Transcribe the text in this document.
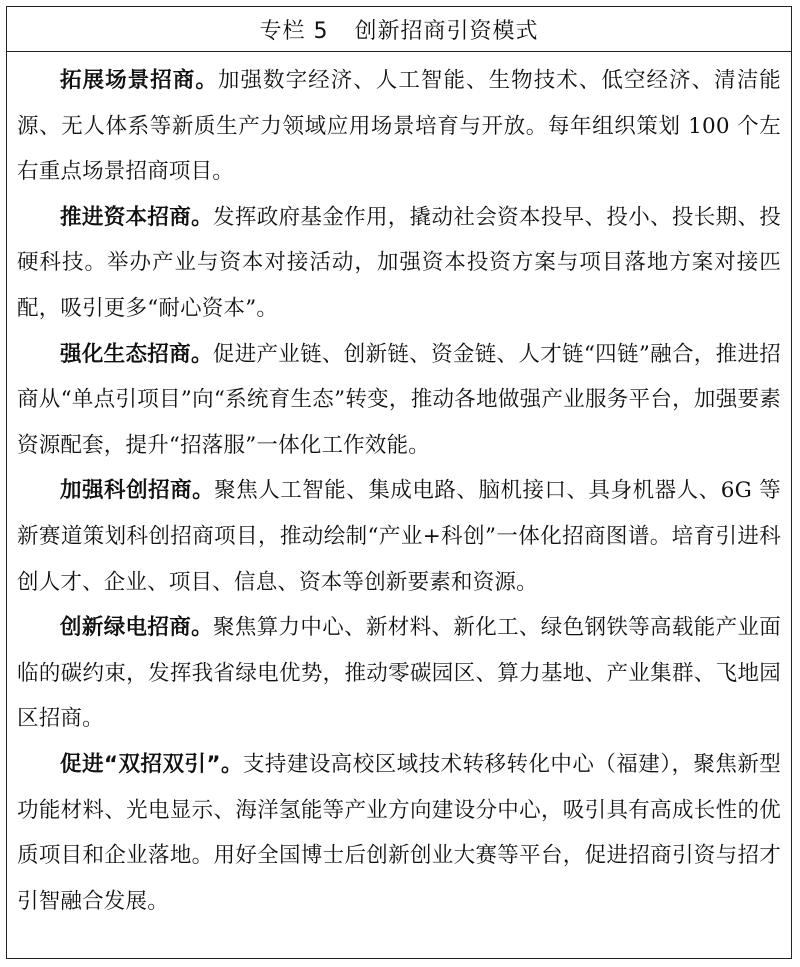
专栏 5 创新招商引资模式

拓展场景招商。加强数字经济、人工智能、生物技术、低空经济、清洁能源、无人体系等新质生产力领域应用场景培育与开放。每年组织策划 100 个左右重点场景招商项目。

推进资本招商。发挥政府基金作用，撬动社会资本投早、投小、投长期、投硬科技。举办产业与资本对接活动，加强资本投资方案与项目落地方案对接匹配，吸引更多“耐心资本”。

强化生态招商。促进产业链、创新链、资金链、人才链“四链”融合，推进招商从“单点引项目”向“系统育生态”转变，推动各地做强产业服务平台，加强要素资源配套，提升“招落服”一体化工作效能。

加强科创招商。聚焦人工智能、集成电路、脑机接口、具身机器人、6G 等新赛道策划科创招商项目，推动绘制“产业+科创”一体化招商图谱。培育引进科创人才、企业、项目、信息、资本等创新要素和资源。

创新绿电招商。聚焦算力中心、新材料、新化工、绿色钢铁等高载能产业面临的碳约束，发挥我省绿电优势，推动零碳园区、算力基地、产业集群、飞地园区招商。

促进“双招双引”。支持建设高校区域技术转移转化中心（福建），聚焦新型功能材料、光电显示、海洋氢能等产业方向建设分中心，吸引具有高成长性的优质项目和企业落地。用好全国博士后创新创业大赛等平台，促进招商引资与招才引智融合发展。
